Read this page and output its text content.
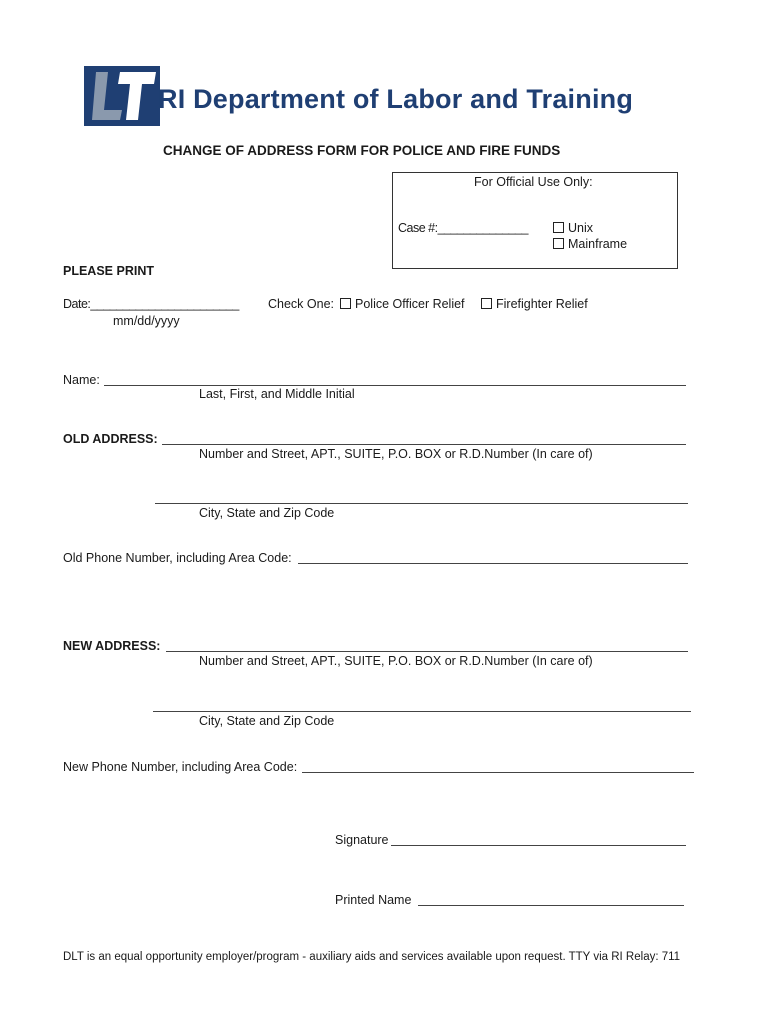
RI Department of Labor and Training
CHANGE OF ADDRESS FORM FOR POLICE AND FIRE FUNDS
For Official Use Only:
Case #:______________	Unix
Mainframe
PLEASE PRINT
Date:_______________________
mm/dd/yyyy
Check One:	Police Officer Relief	Firefighter Relief
Name:
Last, First, and Middle Initial
OLD ADDRESS:
Number and Street, APT., SUITE, P.O. BOX or R.D.Number (In care of)
City, State and Zip Code
Old Phone Number, including Area Code:
NEW ADDRESS:
Number and Street, APT., SUITE, P.O. BOX or R.D.Number (In care of)
City, State and Zip Code
New Phone Number, including Area Code:
Signature
Printed Name
DLT is an equal opportunity employer/program - auxiliary aids and services available upon request. TTY via RI Relay: 711
